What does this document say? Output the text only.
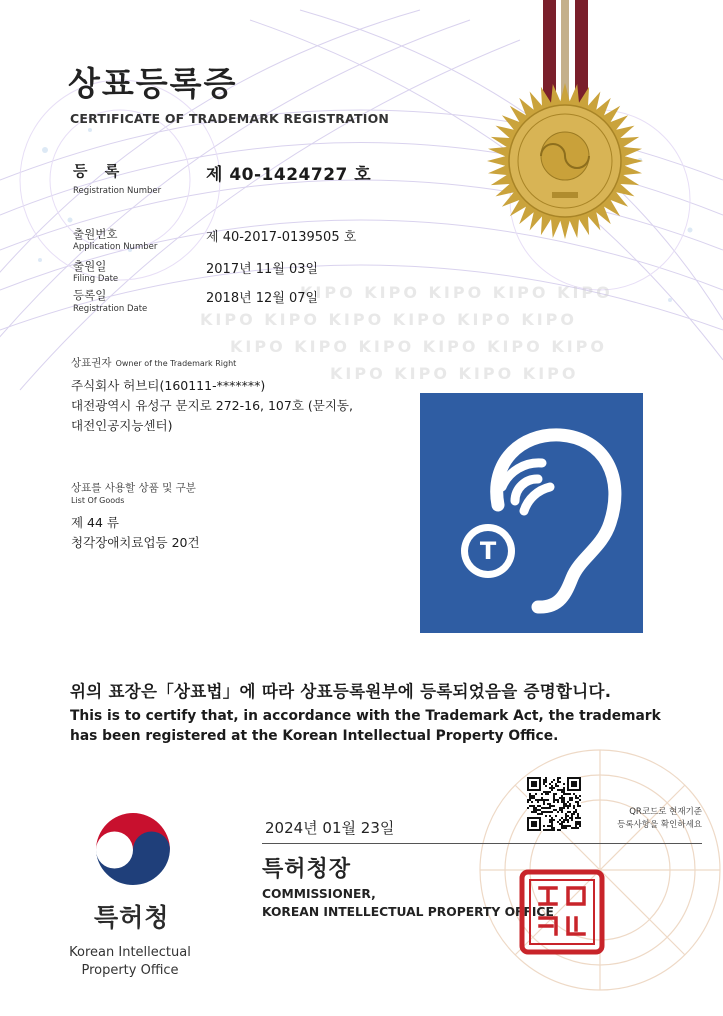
KIPO KIPO KIPO KIPO KIPO
KIPO KIPO KIPO KIPO KIPO KIPO
KIPO KIPO KIPO KIPO KIPO KIPO
KIPO KIPO KIPO KIPO
상표등록증
CERTIFICATE OF TRADEMARK REGISTRATION
등 록
Registration Number
제 40-1424727 호
출원번호
Application Number
제 40-2017-0139505 호
출원일
Filing Date
2017년 11월 03일
등록일
Registration Date
2018년 12월 07일
상표권자 Owner of the Trademark Right
주식회사 허브티(160111-*******)
대전광역시 유성구 문지로 272-16, 107호 (문지동,
대전인공지능센터)
상표를 사용할 상품 및 구분
List Of Goods
제 44 류
청각장애치료업등 20건	T
위의 표장은「상표법」에 따라 상표등록원부에 등록되었음을 증명합니다.
This is to certify that, in accordance with the Trademark Act, the trademark
has been registered at the Korean Intellectual Property Office.
특허청
Korean Intellectual
Property Office
2024년 01월 23일
특허청장
COMMISSIONER,
KOREAN INTELLECTUAL PROPERTY OFFICE
QR코드로 현재기준
등록사항을 확인하세요
